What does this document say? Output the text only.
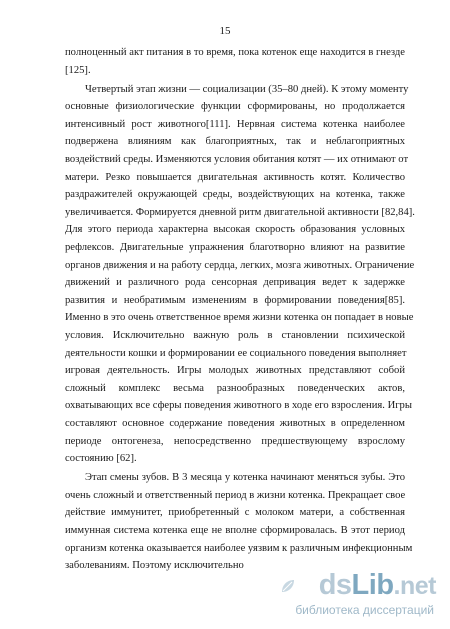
15
полноценный акт питания в то время, пока котенок еще находится в гнезде
[125].
Четвертый этап жизни — социализации (35–80 дней). К этому моменту
основные физиологические функции сформированы, но продолжается
интенсивный рост животного[111]. Нервная система котенка наиболее
подвержена влияниям как благоприятных, так и неблагоприятных
воздействий среды. Изменяются условия обитания котят — их отнимают от
матери. Резко повышается двигательная активность котят. Количество
раздражителей окружающей среды, воздействующих на котенка, также
увеличивается. Формируется дневной ритм двигательной активности [82,84].
Для этого периода характерна высокая скорость образования условных
рефлексов. Двигательные упражнения благотворно влияют на развитие
органов движения и на работу сердца, легких, мозга животных. Ограничение
движений и различного рода сенсорная депривация ведет к задержке
развития и необратимым изменениям в формировании поведения[85].
Именно в это очень ответственное время жизни котенка он попадает в новые
условия. Исключительно важную роль в становлении психической
деятельности кошки и формировании ее социального поведения выполняет
игровая деятельность. Игры молодых животных представляют собой
сложный комплекс весьма разнообразных поведенческих актов,
охватывающих все сферы поведения животного в ходе его взросления. Игры
составляют основное содержание поведения животных в определенном
периоде онтогенеза, непосредственно предшествующему взрослому
состоянию [62].
Этап смены зубов. В 3 месяца у котенка начинают меняться зубы. Это
очень сложный и ответственный период в жизни котенка. Прекращает свое
действие иммунитет, приобретенный с молоком матери, а собственная
иммунная система котенка еще не вполне сформировалась. В этот период
организм котенка оказывается наиболее уязвим к различным инфекционным
заболеваниям. Поэтому исключительно
ds Lib .net
библиотека диссертаций
